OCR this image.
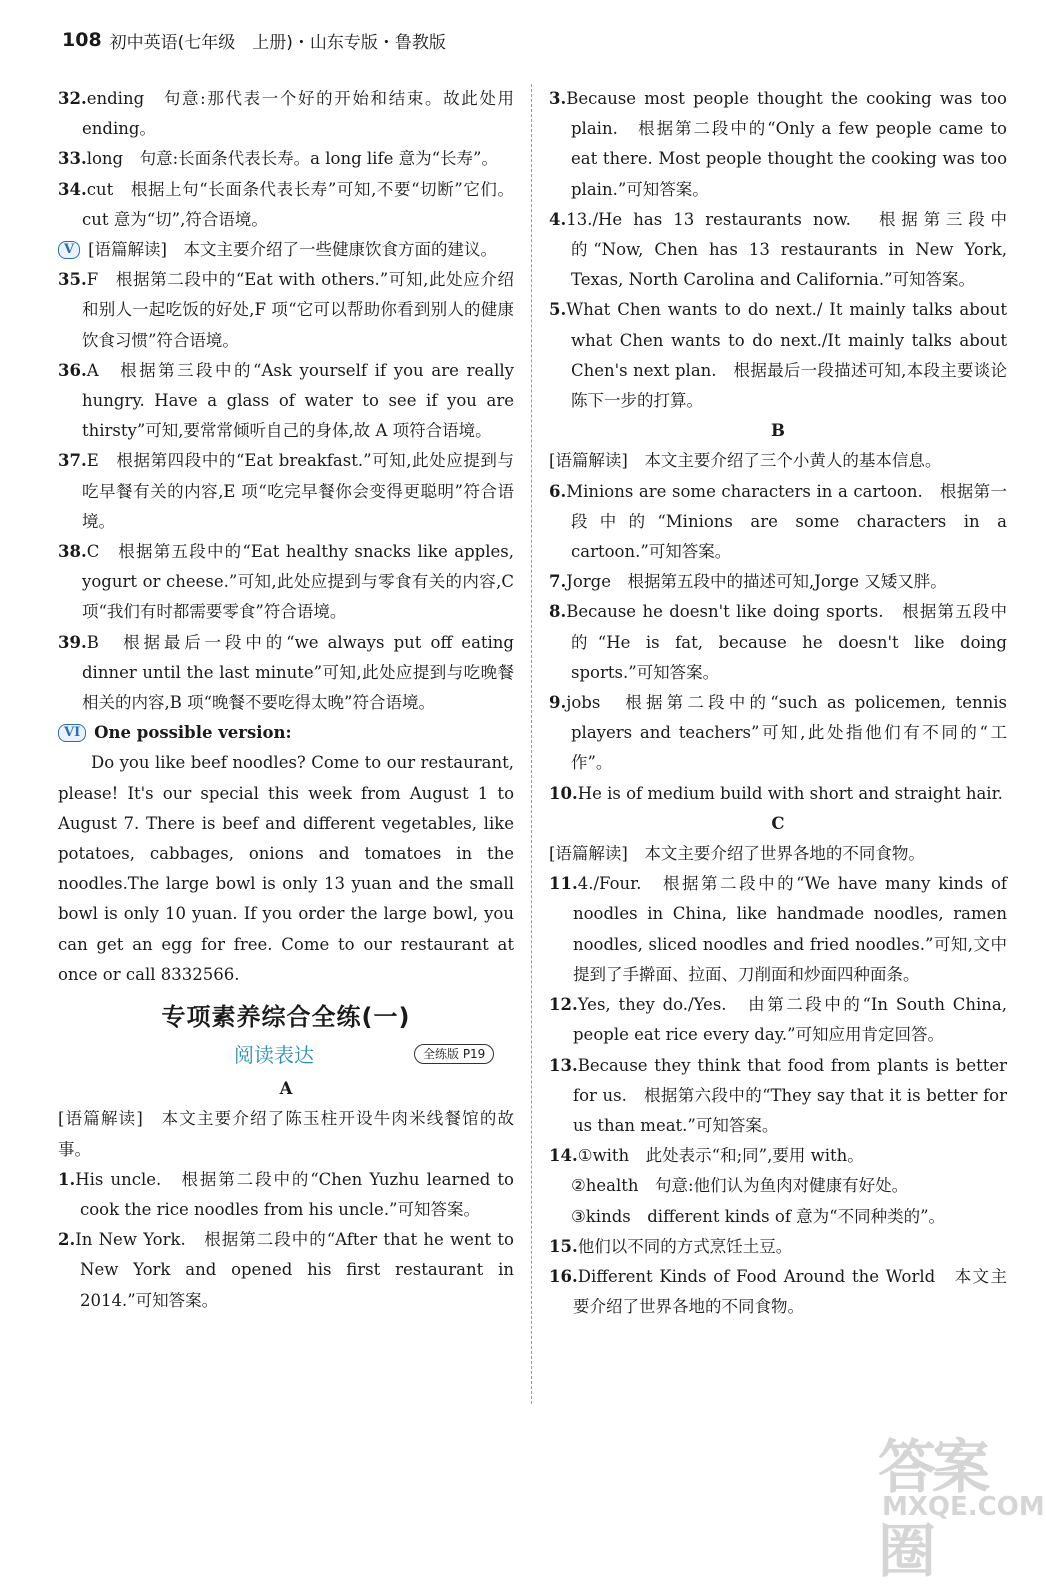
108 初中英语(七年级　上册)・山东专版・鲁教版

32.ending　句意:那代表一个好的开始和结束。故此处用 ending。

33.long　句意:长面条代表长寿。a long life 意为“长寿”。

34.cut　根据上句“长面条代表长寿”可知,不要“切断”它们。cut 意为“切”,符合语境。

V [语篇解读]　本文主要介绍了一些健康饮食方面的建议。

35.F　根据第二段中的“Eat with others.”可知,此处应介绍和别人一起吃饭的好处,F 项“它可以帮助你看到别人的健康饮食习惯”符合语境。

36.A　根据第三段中的“Ask yourself if you are really hungry. Have a glass of water to see if you are thirsty”可知,要常常倾听自己的身体,故 A 项符合语境。

37.E　根据第四段中的“Eat breakfast.”可知,此处应提到与吃早餐有关的内容,E 项“吃完早餐你会变得更聪明”符合语境。

38.C　根据第五段中的“Eat healthy snacks like apples, yogurt or cheese.”可知,此处应提到与零食有关的内容,C 项“我们有时都需要零食”符合语境。

39.B　根据最后一段中的“we always put off eating dinner until the last minute”可知,此处应提到与吃晚餐相关的内容,B 项“晚餐不要吃得太晚”符合语境。

VI One possible version:

Do you like beef noodles? Come to our restaurant, please! It's our special this week from August 1 to August 7. There is beef and different vegetables, like potatoes, cabbages, onions and tomatoes in the noodles.The large bowl is only 13 yuan and the small bowl is only 10 yuan. If you order the large bowl, you can get an egg for free. Come to our restaurant at once or call 8332566.

专项素养综合全练(一)
阅读表达	全练版 P19

A

[语篇解读]　本文主要介绍了陈玉柱开设牛肉米线餐馆的故事。

1.His uncle.　根据第二段中的“Chen Yuzhu learned to cook the rice noodles from his uncle.”可知答案。

2.In New York.　根据第二段中的“After that he went to New York and opened his first restaurant in 2014.”可知答案。

3.Because most people thought the cooking was too plain.　根据第二段中的“Only a few people came to eat there. Most people thought the cooking was too plain.”可知答案。

4.13./He has 13 restaurants now.　根据第三段中的“Now, Chen has 13 restaurants in New York, Texas, North Carolina and California.”可知答案。

5.What Chen wants to do next./ It mainly talks about what Chen wants to do next./It mainly talks about Chen's next plan.　根据最后一段描述可知,本段主要谈论陈下一步的打算。

B

[语篇解读]　本文主要介绍了三个小黄人的基本信息。

6.Minions are some characters in a cartoon.　根据第一段中的“Minions are some characters in a cartoon.”可知答案。

7.Jorge　根据第五段中的描述可知,Jorge 又矮又胖。

8.Because he doesn't like doing sports.　根据第五段中的“He is fat, because he doesn't like doing sports.”可知答案。

9.jobs　根据第二段中的“such as policemen, tennis players and teachers”可知,此处指他们有不同的“工作”。

10.He is of medium build with short and straight hair.

C

[语篇解读]　本文主要介绍了世界各地的不同食物。

11.4./Four.　根据第二段中的“We have many kinds of noodles in China, like handmade noodles, ramen noodles, sliced noodles and fried noodles.”可知,文中提到了手擀面、拉面、刀削面和炒面四种面条。

12.Yes, they do./Yes.　由第二段中的“In South China, people eat rice every day.”可知应用肯定回答。

13.Because they think that food from plants is better for us.　根据第六段中的“They say that it is better for us than meat.”可知答案。

14.①with　此处表示“和;同”,要用 with。

②health　句意:他们认为鱼肉对健康有好处。

③kinds　different kinds of 意为“不同种类的”。

15.他们以不同的方式烹饪土豆。

16.Different Kinds of Food Around the World　本文主要介绍了世界各地的不同食物。

答案圈
MXQE.COM
